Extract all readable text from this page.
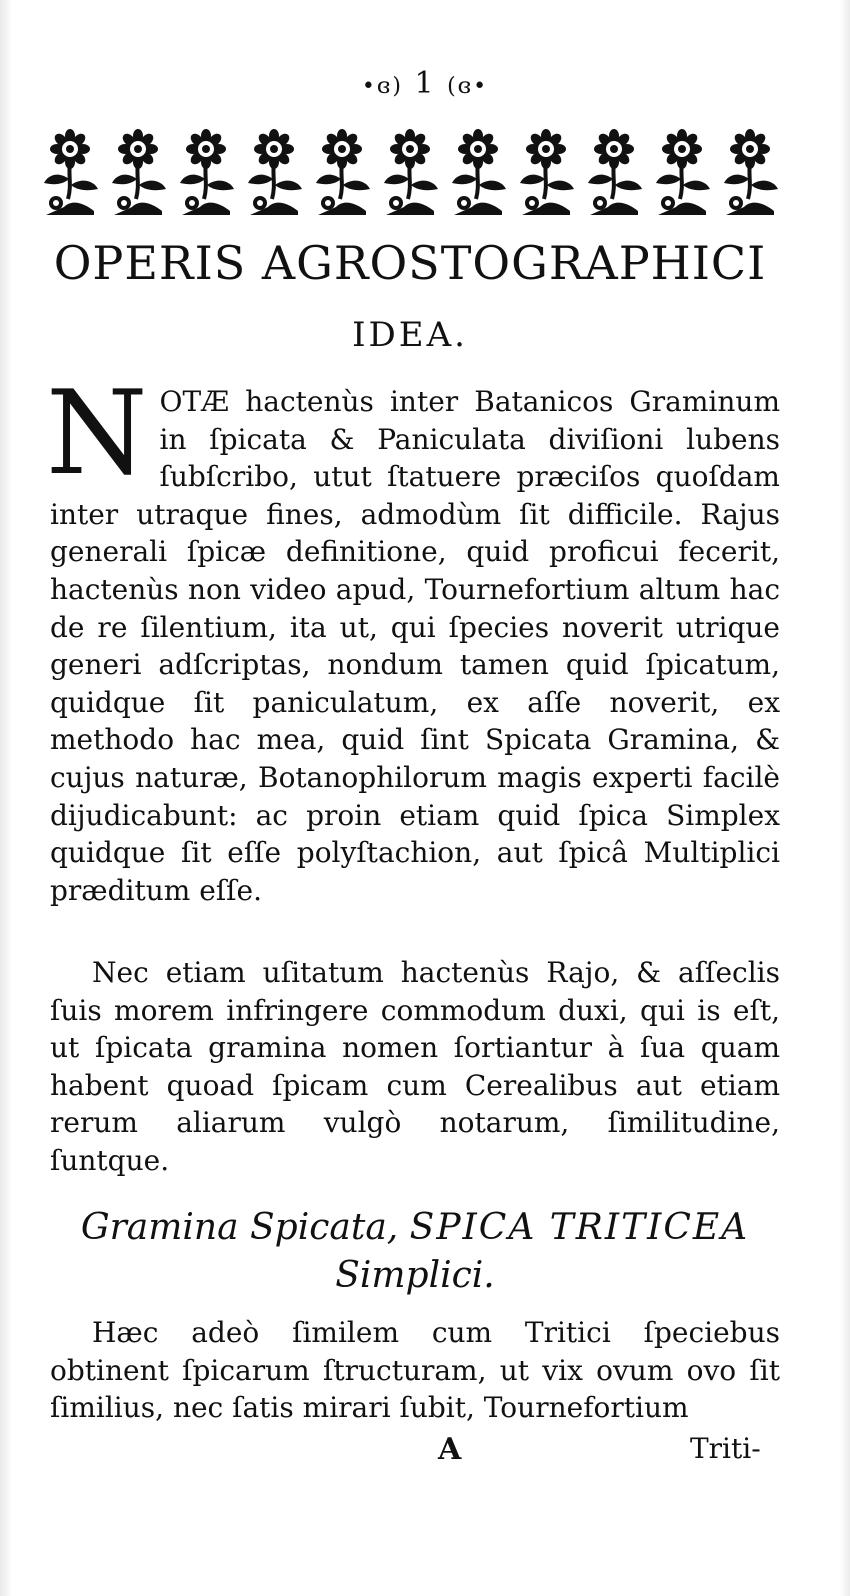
•ɞ) 1 (ɞ•
OPERIS AGROSTOGRAPHICI
IDEA.

NOTÆ hactenùs inter Batanicos Graminum in ſpicata & Paniculata diviſioni lubens ſubſcribo, utut ſtatuere præciſos quoſdam inter utraque fines, admodùm ſit difficile. Rajus generali ſpicæ definitione, quid proficui fecerit, hactenùs non video apud, Tournefortium altum hac de re ſilentium, ita ut, qui ſpecies noverit utrique generi adſcriptas, nondum tamen quid ſpicatum, quidque ſit paniculatum, ex aſſe noverit, ex methodo hac mea, quid ſint Spicata Gramina, & cujus naturæ, Botanophilorum magis experti facilè dijudicabunt: ac proin etiam quid ſpica Simplex quidque ſit eſſe polyſtachion, aut ſpicâ Multiplici præditum eſſe.

Nec etiam uſitatum hactenùs Rajo, & aſſeclis ſuis morem infringere commodum duxi, qui is eſt, ut ſpicata gramina nomen ſortiantur à ſua quam habent quoad ſpicam cum Cerealibus aut etiam rerum aliarum vulgò notarum, ſimilitudine, ſuntque.

Gramina Spicata, SPICA TRITICEA
Simplici.

Hæc adeò ſimilem cum Tritici ſpeciebus obtinent ſpicarum ſtructuram, ut vix ovum ovo ſit ſimilius, nec ſatis mirari ſubit, Tournefortium

A	Triti-
